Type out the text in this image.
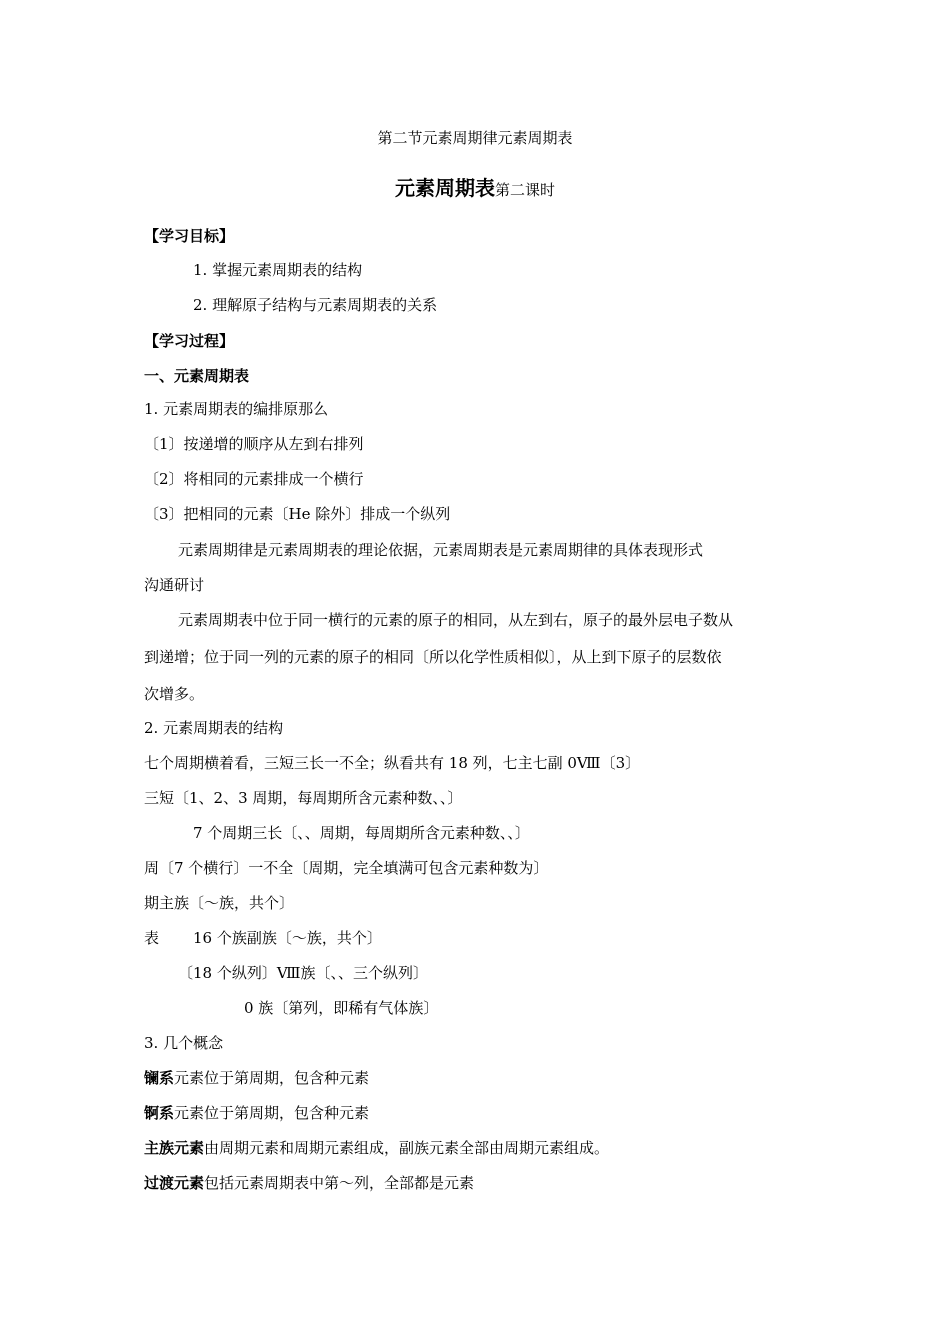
第二节元素周期律元素周期表
元素周期表第二课时
【学习目标】
1. 掌握元素周期表的结构
2. 理解原子结构与元素周期表的关系
【学习过程】
一、元素周期表
1. 元素周期表的编排原那么
〔1〕按递增的顺序从左到右排列
〔2〕将相同的元素排成一个横行
〔3〕把相同的元素〔He 除外〕排成一个纵列
元素周期律是元素周期表的理论依据，元素周期表是元素周期律的具体表现形式
沟通研讨
元素周期表中位于同一横行的元素的原子的相同，从左到右，原子的最外层电子数从
到递增；位于同一列的元素的原子的相同〔所以化学性质相似〕，从上到下原子的层数依
次增多。
2. 元素周期表的结构
七个周期横着看，三短三长一不全；纵看共有 18 列，七主七副 0Ⅷ〔3〕
三短〔1、2、3 周期，每周期所含元素种数、、〕
7 个周期三长〔、、周期，每周期所含元素种数、、〕
周〔7 个横行〕一不全〔周期，完全填满可包含元素种数为〕
期主族〔～族，共个〕
表 16 个族副族〔～族，共个〕
〔18 个纵列〕Ⅷ族〔、、三个纵列〕
0 族〔第列，即稀有气体族〕
3. 几个概念
镧系元素位于第周期，包含种元素
锕系元素位于第周期，包含种元素
主族元素由周期元素和周期元素组成，副族元素全部由周期元素组成。
过渡元素包括元素周期表中第～列，全部都是元素
